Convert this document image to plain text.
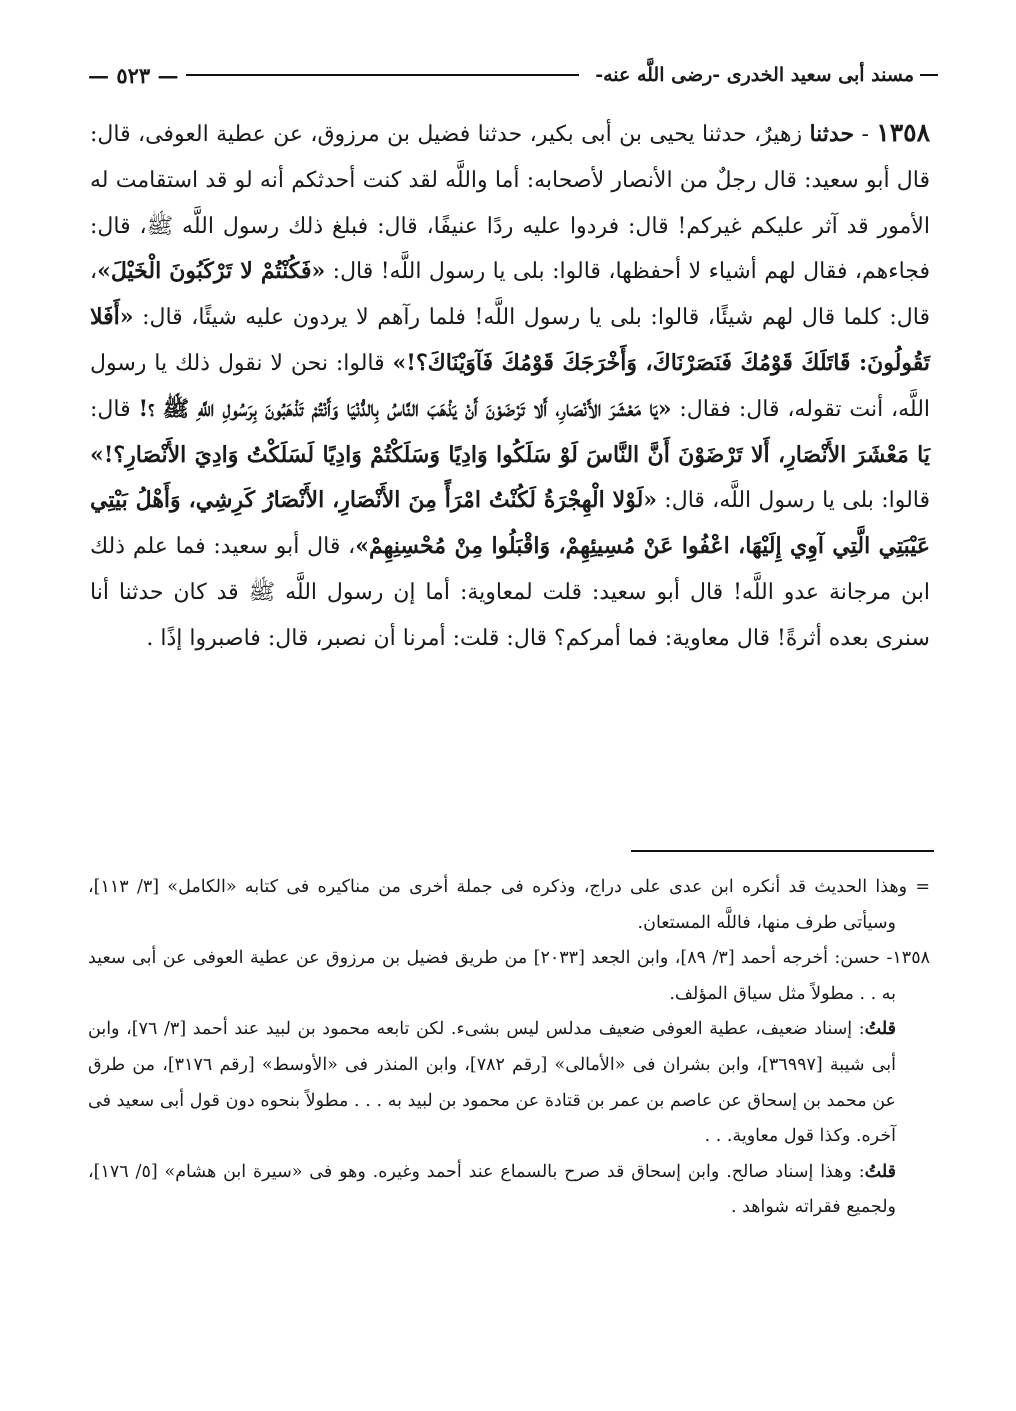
مسند أبى سعيد الخدرى -رضى اللَّه عنه-
— ٥٢٣ —

١٣٥٨ - حدثنا زهيرٌ، حدثنا يحيى بن أبى بكير، حدثنا فضيل بن مرزوق، عن عطية العوفى، قال: قال أبو سعيد: قال رجلٌ من الأنصار لأصحابه: أما واللَّه لقد كنت أحدثكم أنه لو قد استقامت له الأمور قد آثر عليكم غيركم! قال: فردوا عليه ردًا عنيفًا، قال: فبلغ ذلك رسول اللَّه ﷺ، قال: فجاءهم، فقال لهم أشياء لا أحفظها، قالوا: بلى يا رسول اللَّه! قال: «فَكُنْتُمْ لا تَرْكَبُونَ الْخَيْلَ»، قال: كلما قال لهم شيئًا، قالوا: بلى يا رسول اللَّه! فلما رآهم لا يردون عليه شيئًا، قال: «أَفَلا تَقُولُونَ: قَاتَلَكَ قَوْمُكَ فَنَصَرْنَاكَ، وَأَخْرَجَكَ قَوْمُكَ فَآوَيْنَاكَ؟!» قالوا: نحن لا نقول ذلك يا رسول اللَّه، أنت تقوله، قال: فقال: «يَا مَعْشَرَ الأَنْصَارِ، أَلا تَرْضَوْنَ أَنْ يَذْهَبَ النَّاسُ بِالدُّنْيَا وَأَنْتُمْ تَذْهَبُونَ بِرَسُولِ اللَّهِ ﷺ ؟! قال: يَا مَعْشَرَ الأَنْصَارِ، أَلا تَرْضَوْنَ أَنَّ النَّاسَ لَوْ سَلَكُوا وَادِيًا وَسَلَكْتُمْ وَادِيًا لَسَلَكْتُ وَادِيَ الأَنْصَارِ؟!» قالوا: بلى يا رسول اللَّه، قال: «لَوْلا الْهِجْرَةُ لَكُنْتُ امْرَأً مِنَ الأَنْصَارِ، الأَنْصَارُ كَرِشِي، وَأَهْلُ بَيْتِي عَيْبَتِي الَّتِي آوِي إِلَيْهَا، اعْفُوا عَنْ مُسِيئِهِمْ، وَاقْبَلُوا مِنْ مُحْسِنِهِمْ»، قال أبو سعيد: فما علم ذلك ابن مرجانة عدو اللَّه! قال أبو سعيد: قلت لمعاوية: أما إن رسول اللَّه ﷺ قد كان حدثنا أنا سنرى بعده أثرةً! قال معاوية: فما أمركم؟ قال: قلت: أمرنا أن نصبر، قال: فاصبروا إذًا .

= وهذا الحديث قد أنكره ابن عدى على دراج، وذكره فى جملة أخرى من مناكيره فى كتابه «الكامل» [٣/ ١١٣]، وسيأتى طرف منها، فاللَّه المستعان.

١٣٥٨- حسن: أخرجه أحمد [٣/ ٨٩]، وابن الجعد [٢٠٣٣] من طريق فضيل بن مرزوق عن عطية العوفى عن أبى سعيد به . . مطولاً مثل سياق المؤلف.

قلتُ: إسناد ضعيف، عطية العوفى ضعيف مدلس ليس بشىء. لكن تابعه محمود بن لبيد عند أحمد [٣/ ٧٦]، وابن أبى شيبة [٣٦٩٩٧]، وابن بشران فى «الأمالى» [رقم ٧٨٢]، وابن المنذر فى «الأوسط» [رقم ٣١٧٦]، من طرق عن محمد بن إسحاق عن عاصم بن عمر بن قتادة عن محمود بن لبيد به . . . مطولاً بنحوه دون قول أبى سعيد فى آخره. وكذا قول معاوية. . .

قلتُ: وهذا إسناد صالح. وابن إسحاق قد صرح بالسماع عند أحمد وغيره. وهو فى «سيرة ابن هشام» [٥/ ١٧٦]، ولجميع فقراته شواهد .
